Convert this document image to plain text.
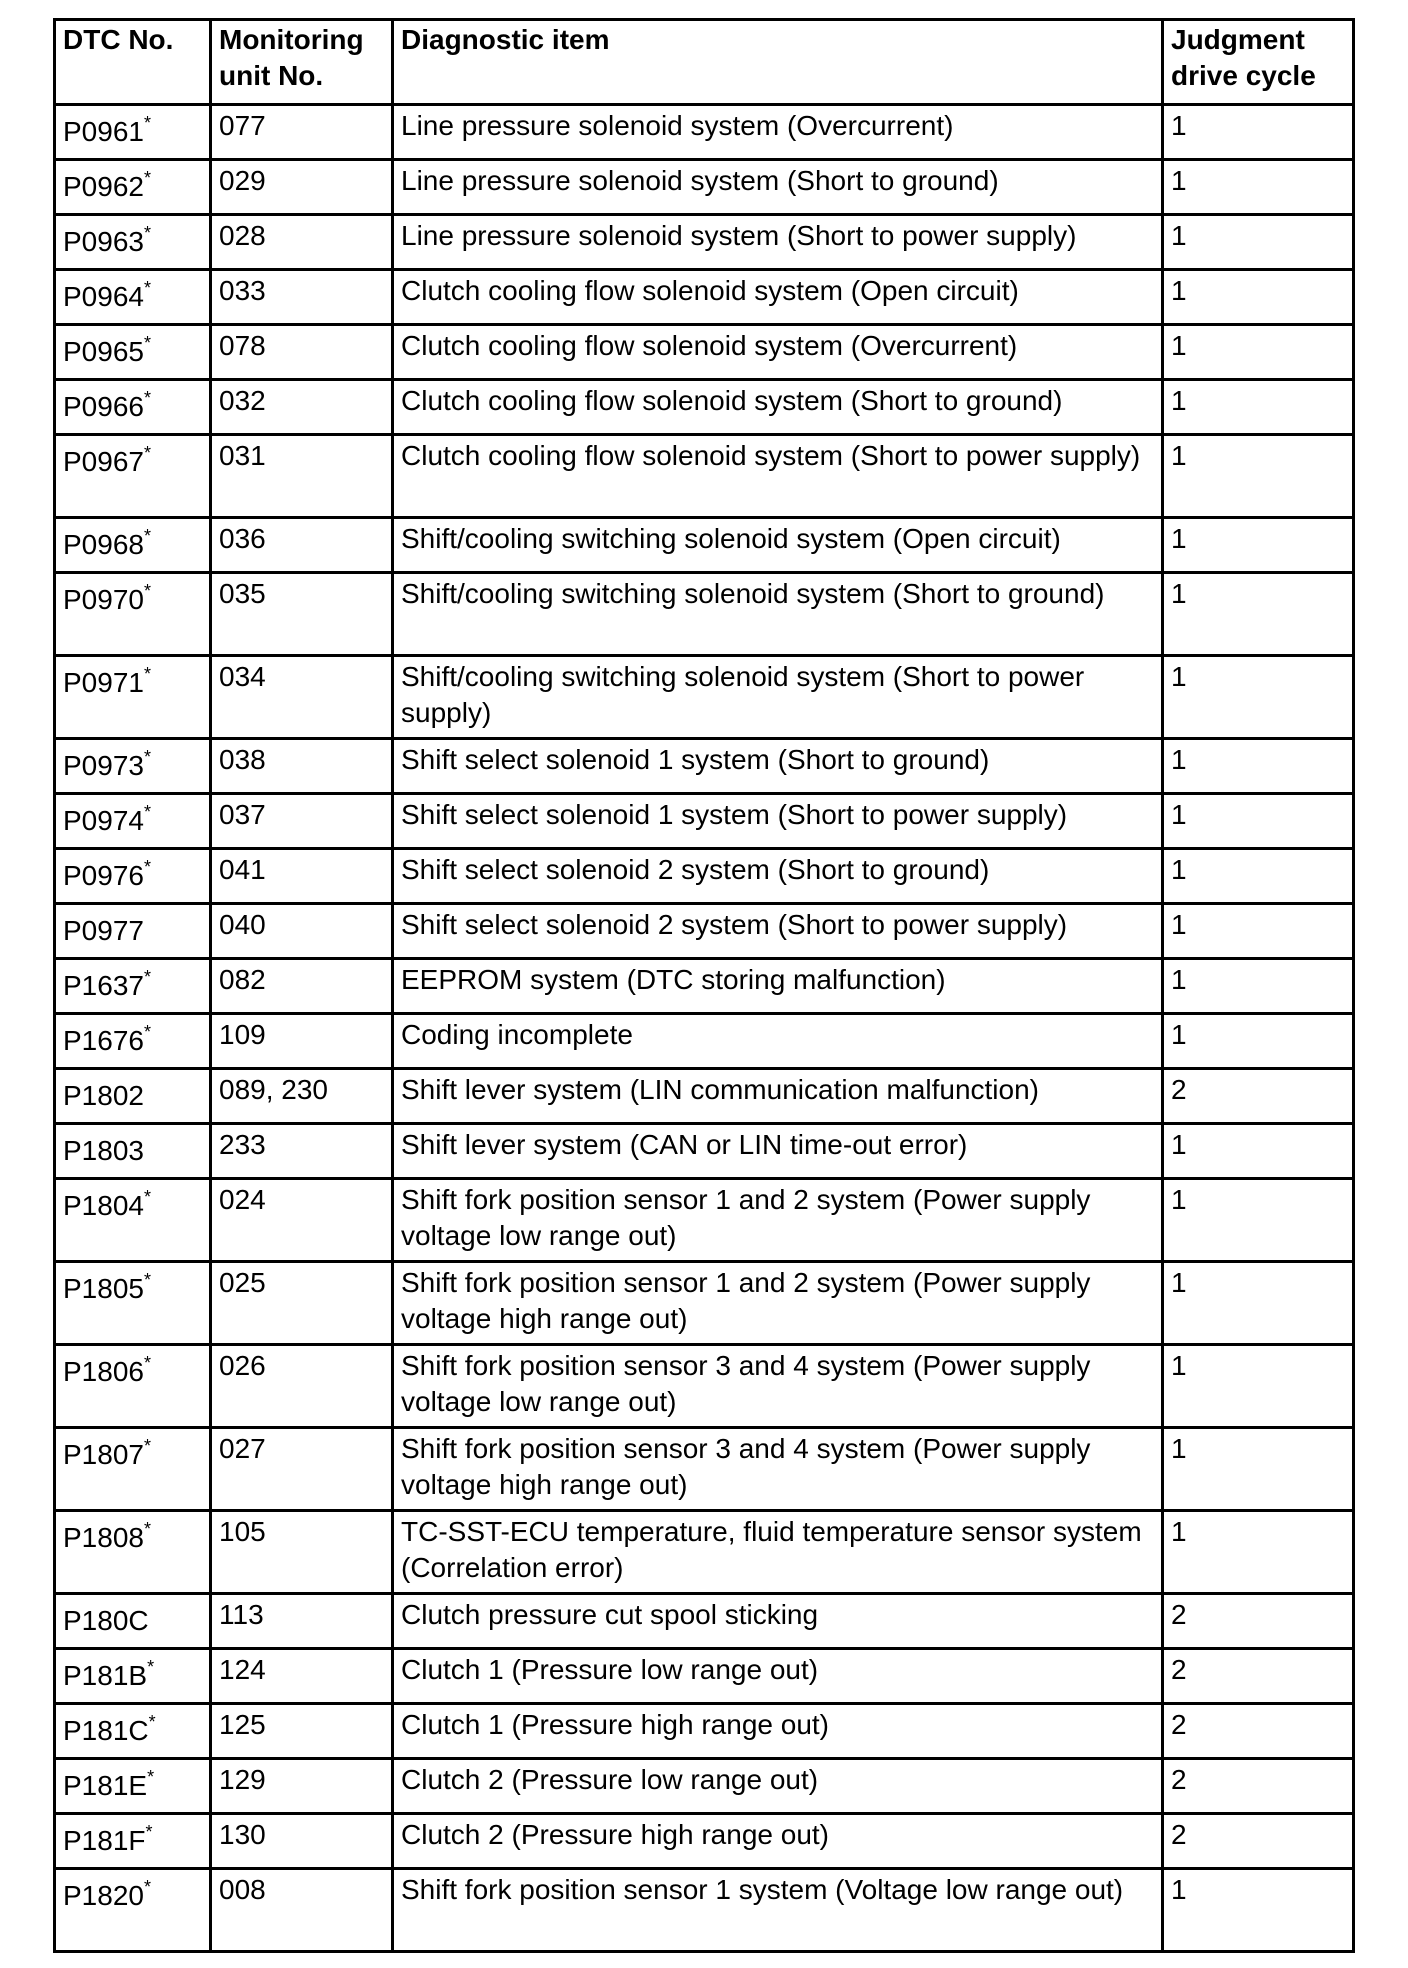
DTC No.	Monitoring unit No.	Diagnostic item	Judgment drive cycle
P0961*	077	Line pressure solenoid system (Overcurrent)	1
P0962*	029	Line pressure solenoid system (Short to ground)	1
P0963*	028	Line pressure solenoid system (Short to power supply)	1
P0964*	033	Clutch cooling flow solenoid system (Open circuit)	1
P0965*	078	Clutch cooling flow solenoid system (Overcurrent)	1
P0966*	032	Clutch cooling flow solenoid system (Short to ground)	1
P0967*	031	Clutch cooling flow solenoid system (Short to power supply)	1
P0968*	036	Shift/cooling switching solenoid system (Open circuit)	1
P0970*	035	Shift/cooling switching solenoid system (Short to ground)	1
P0971*	034	Shift/cooling switching solenoid system (Short to power supply)	1
P0973*	038	Shift select solenoid 1 system (Short to ground)	1
P0974*	037	Shift select solenoid 1 system (Short to power supply)	1
P0976*	041	Shift select solenoid 2 system (Short to ground)	1
P0977	040	Shift select solenoid 2 system (Short to power supply)	1
P1637*	082	EEPROM system (DTC storing malfunction)	1
P1676*	109	Coding incomplete	1
P1802	089, 230	Shift lever system (LIN communication malfunction)	2
P1803	233	Shift lever system (CAN or LIN time-out error)	1
P1804*	024	Shift fork position sensor 1 and 2 system (Power supply voltage low range out)	1
P1805*	025	Shift fork position sensor 1 and 2 system (Power supply voltage high range out)	1
P1806*	026	Shift fork position sensor 3 and 4 system (Power supply voltage low range out)	1
P1807*	027	Shift fork position sensor 3 and 4 system (Power supply voltage high range out)	1
P1808*	105	TC-SST-ECU temperature, fluid temperature sensor system (Correlation error)	1
P180C	113	Clutch pressure cut spool sticking	2
P181B*	124	Clutch 1 (Pressure low range out)	2
P181C*	125	Clutch 1 (Pressure high range out)	2
P181E*	129	Clutch 2 (Pressure low range out)	2
P181F*	130	Clutch 2 (Pressure high range out)	2
P1820*	008	Shift fork position sensor 1 system (Voltage low range out)	1
